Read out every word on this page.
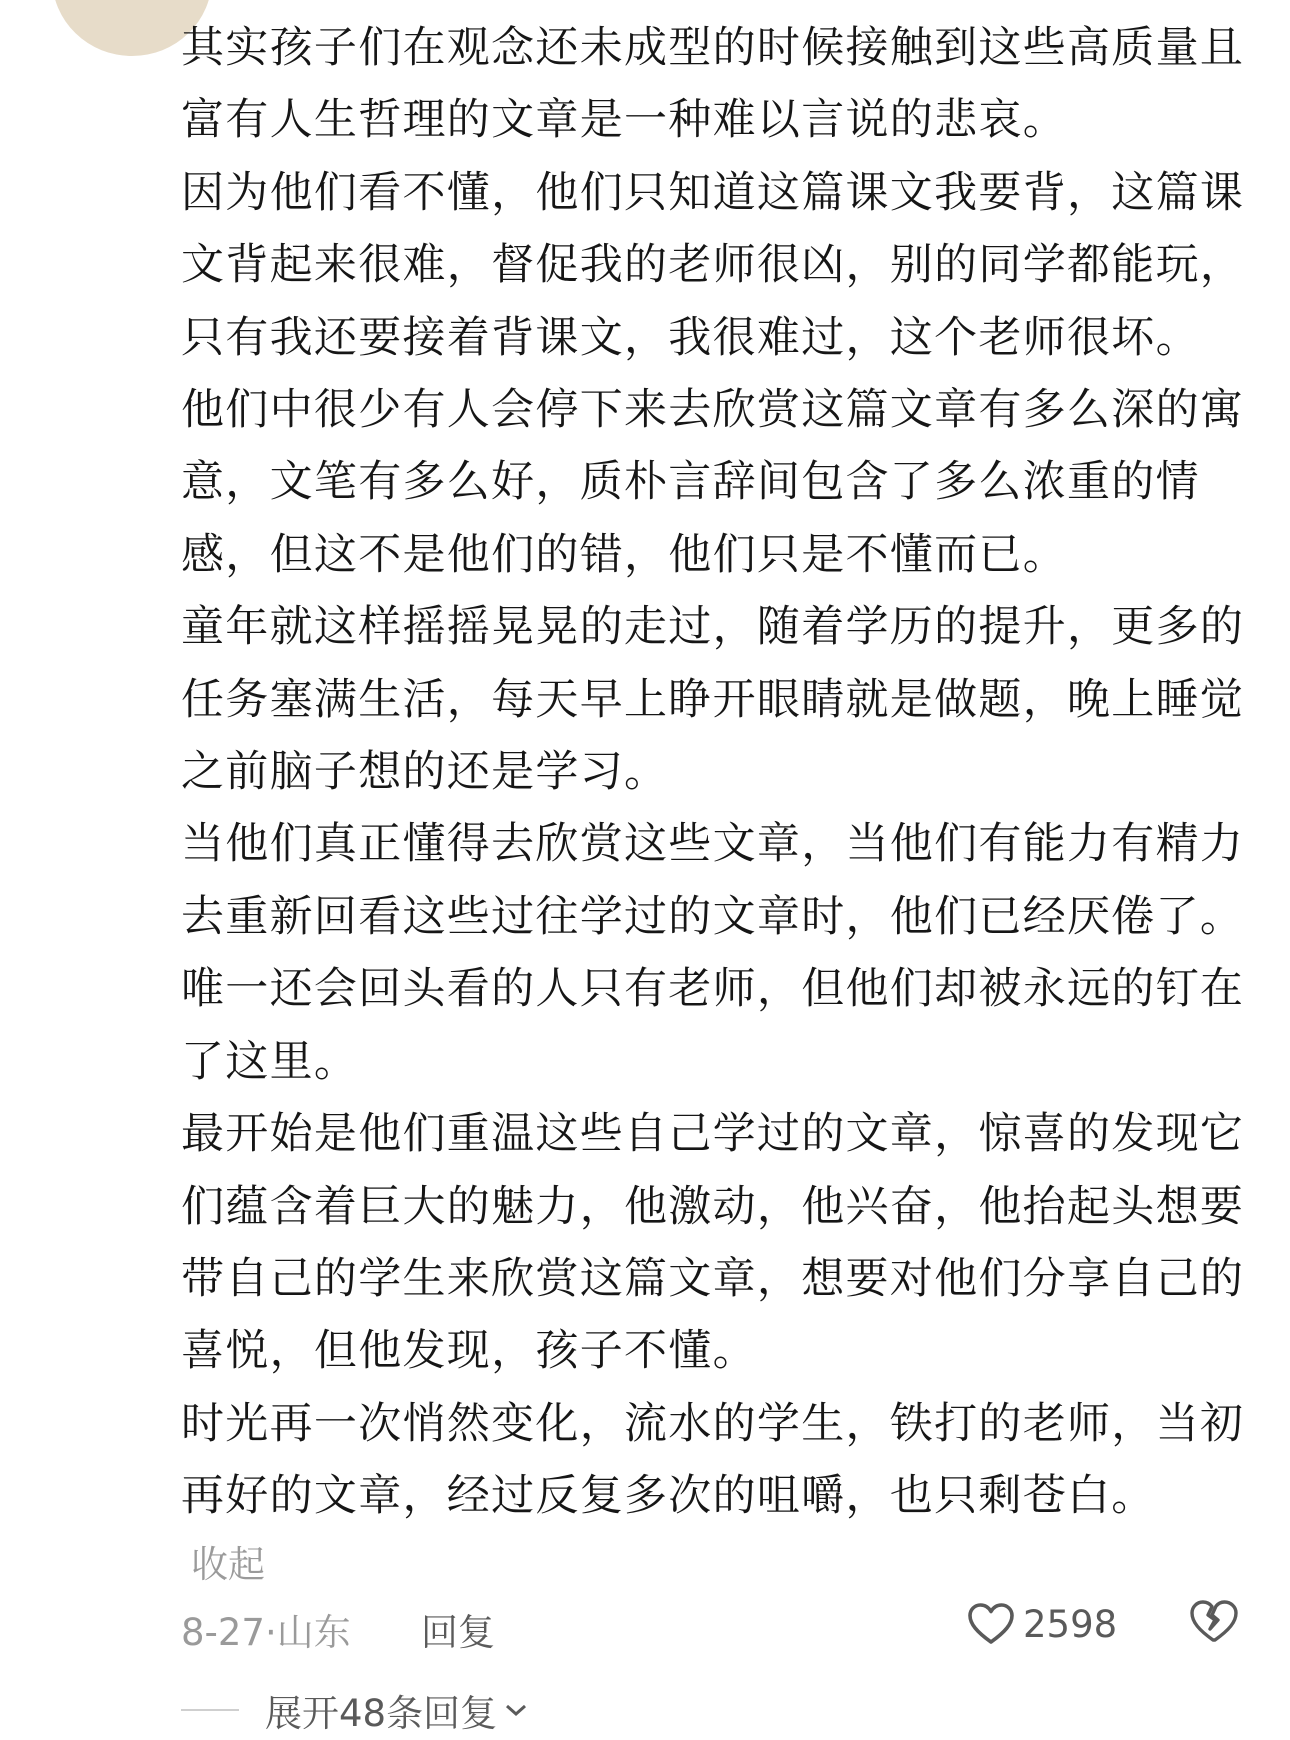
其实孩子们在观念还未成型的时候接触到这些高质量且富有人生哲理的文章是一种难以言说的悲哀。

因为他们看不懂，他们只知道这篇课文我要背，这篇课文背起来很难，督促我的老师很凶，别的同学都能玩，只有我还要接着背课文，我很难过，这个老师很坏。

他们中很少有人会停下来去欣赏这篇文章有多么深的寓意，文笔有多么好，质朴言辞间包含了多么浓重的情感，但这不是他们的错，他们只是不懂而已。

童年就这样摇摇晃晃的走过，随着学历的提升，更多的任务塞满生活，每天早上睁开眼睛就是做题，晚上睡觉之前脑子想的还是学习。

当他们真正懂得去欣赏这些文章，当他们有能力有精力去重新回看这些过往学过的文章时，他们已经厌倦了。

唯一还会回头看的人只有老师，但他们却被永远的钉在了这里。

最开始是他们重温这些自己学过的文章，惊喜的发现它们蕴含着巨大的魅力，他激动，他兴奋，他抬起头想要带自己的学生来欣赏这篇文章，想要对他们分享自己的喜悦，但他发现，孩子不懂。

时光再一次悄然变化，流水的学生，铁打的老师，当初再好的文章，经过反复多次的咀嚼，也只剩苍白。

收起
8-27·山东 回复	2598
展开48条回复
